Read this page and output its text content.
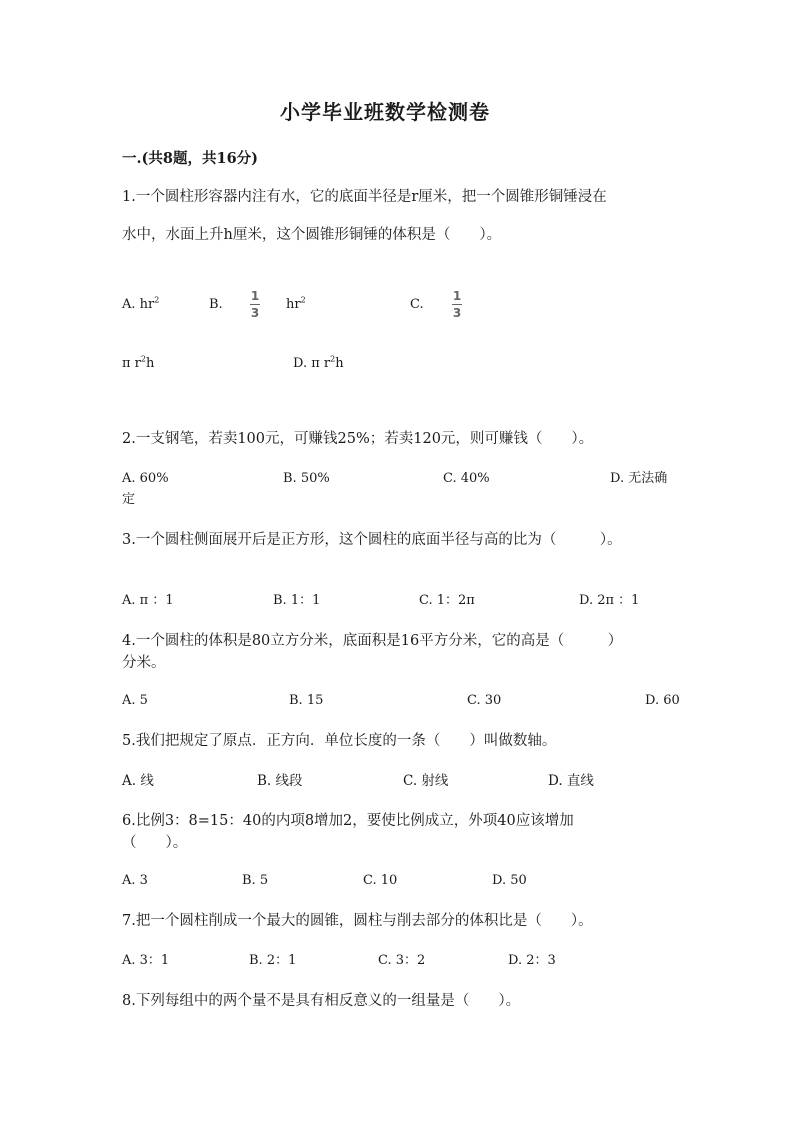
小学毕业班数学检测卷
一.(共8题，共16分)
1.一个圆柱形容器内注有水，它的底面半径是r厘米，把一个圆锥形铜锤浸在
水中，水面上升h厘米，这个圆锥形铜锤的体积是（　　）。
A. $hr^2$	B.
1
3
$hr^2$	C.
1
3
π $r^2h$	D. π $r^2h$
2.一支钢笔，若卖100元，可赚钱25%；若卖120元，则可赚钱（　　）。
A. 60%	B. 50%	C. 40%	D. 无法确
定
3.一个圆柱侧面展开后是正方形，这个圆柱的底面半径与高的比为（　　　）。
A. π ：1	B. 1：1	C. 1：2π	D. 2π ：1
4.一个圆柱的体积是80立方分米，底面积是16平方分米，它的高是（　　　）
分米。
A. 5	B. 15	C. 30	D. 60
5.我们把规定了原点．正方向．单位长度的一条（　　）叫做数轴。
A. 线	B. 线段	C. 射线	D. 直线
6.比例3：8=15：40的内项8增加2，要使比例成立，外项40应该增加
（　　）。
A. 3	B. 5	C. 10	D. 50
7.把一个圆柱削成一个最大的圆锥，圆柱与削去部分的体积比是（　　）。
A. 3：1	B. 2：1	C. 3：2	D. 2：3
8.下列每组中的两个量不是具有相反意义的一组量是（　　）。
